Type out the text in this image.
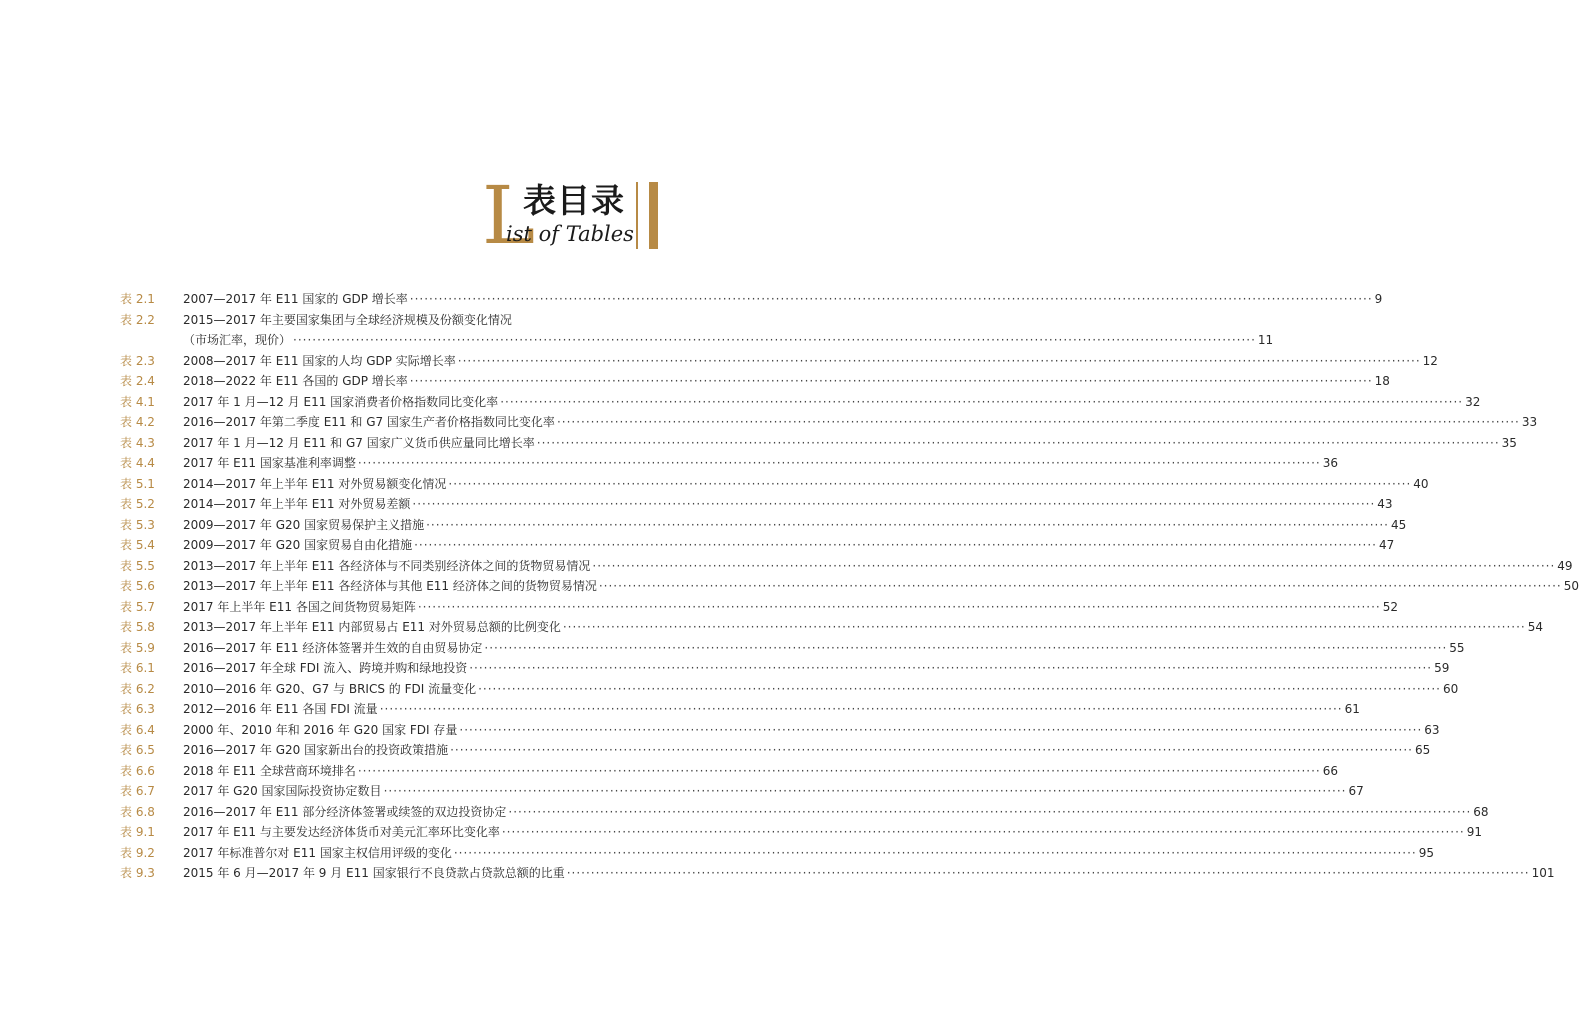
L
表目录
ist of Tables
表 2.1 2007—2017 年 E11 国家的 GDP 增长率 ········································································································································································································ 9
表 2.2 2015—2017 年主要国家集团与全球经济规模及份额变化情况
（市场汇率，现价） ········································································································································································································ 11
表 2.3 2008—2017 年 E11 国家的人均 GDP 实际增长率 ········································································································································································································ 12
表 2.4 2018—2022 年 E11 各国的 GDP 增长率 ········································································································································································································ 18
表 4.1 2017 年 1 月—12 月 E11 国家消费者价格指数同比变化率 ········································································································································································································ 32
表 4.2 2016—2017 年第二季度 E11 和 G7 国家生产者价格指数同比变化率 ········································································································································································································ 33
表 4.3 2017 年 1 月—12 月 E11 和 G7 国家广义货币供应量同比增长率 ········································································································································································································ 35
表 4.4 2017 年 E11 国家基准利率调整 ········································································································································································································ 36
表 5.1 2014—2017 年上半年 E11 对外贸易额变化情况 ········································································································································································································ 40
表 5.2 2014—2017 年上半年 E11 对外贸易差额 ········································································································································································································ 43
表 5.3 2009—2017 年 G20 国家贸易保护主义措施 ········································································································································································································ 45
表 5.4 2009—2017 年 G20 国家贸易自由化措施 ········································································································································································································ 47
表 5.5 2013—2017 年上半年 E11 各经济体与不同类别经济体之间的货物贸易情况 ········································································································································································································ 49
表 5.6 2013—2017 年上半年 E11 各经济体与其他 E11 经济体之间的货物贸易情况 ········································································································································································································ 50
表 5.7 2017 年上半年 E11 各国之间货物贸易矩阵 ········································································································································································································ 52
表 5.8 2013—2017 年上半年 E11 内部贸易占 E11 对外贸易总额的比例变化 ········································································································································································································ 54
表 5.9 2016—2017 年 E11 经济体签署并生效的自由贸易协定 ········································································································································································································ 55
表 6.1 2016—2017 年全球 FDI 流入、跨境并购和绿地投资 ········································································································································································································ 59
表 6.2 2010—2016 年 G20、G7 与 BRICS 的 FDI 流量变化 ········································································································································································································ 60
表 6.3 2012—2016 年 E11 各国 FDI 流量 ········································································································································································································ 61
表 6.4 2000 年、2010 年和 2016 年 G20 国家 FDI 存量 ········································································································································································································ 63
表 6.5 2016—2017 年 G20 国家新出台的投资政策措施 ········································································································································································································ 65
表 6.6 2018 年 E11 全球营商环境排名 ········································································································································································································ 66
表 6.7 2017 年 G20 国家国际投资协定数目 ········································································································································································································ 67
表 6.8 2016—2017 年 E11 部分经济体签署或续签的双边投资协定 ········································································································································································································ 68
表 9.1 2017 年 E11 与主要发达经济体货币对美元汇率环比变化率 ········································································································································································································ 91
表 9.2 2017 年标准普尔对 E11 国家主权信用评级的变化 ········································································································································································································ 95
表 9.3 2015 年 6 月—2017 年 9 月 E11 国家银行不良贷款占贷款总额的比重 ········································································································································································································ 101
